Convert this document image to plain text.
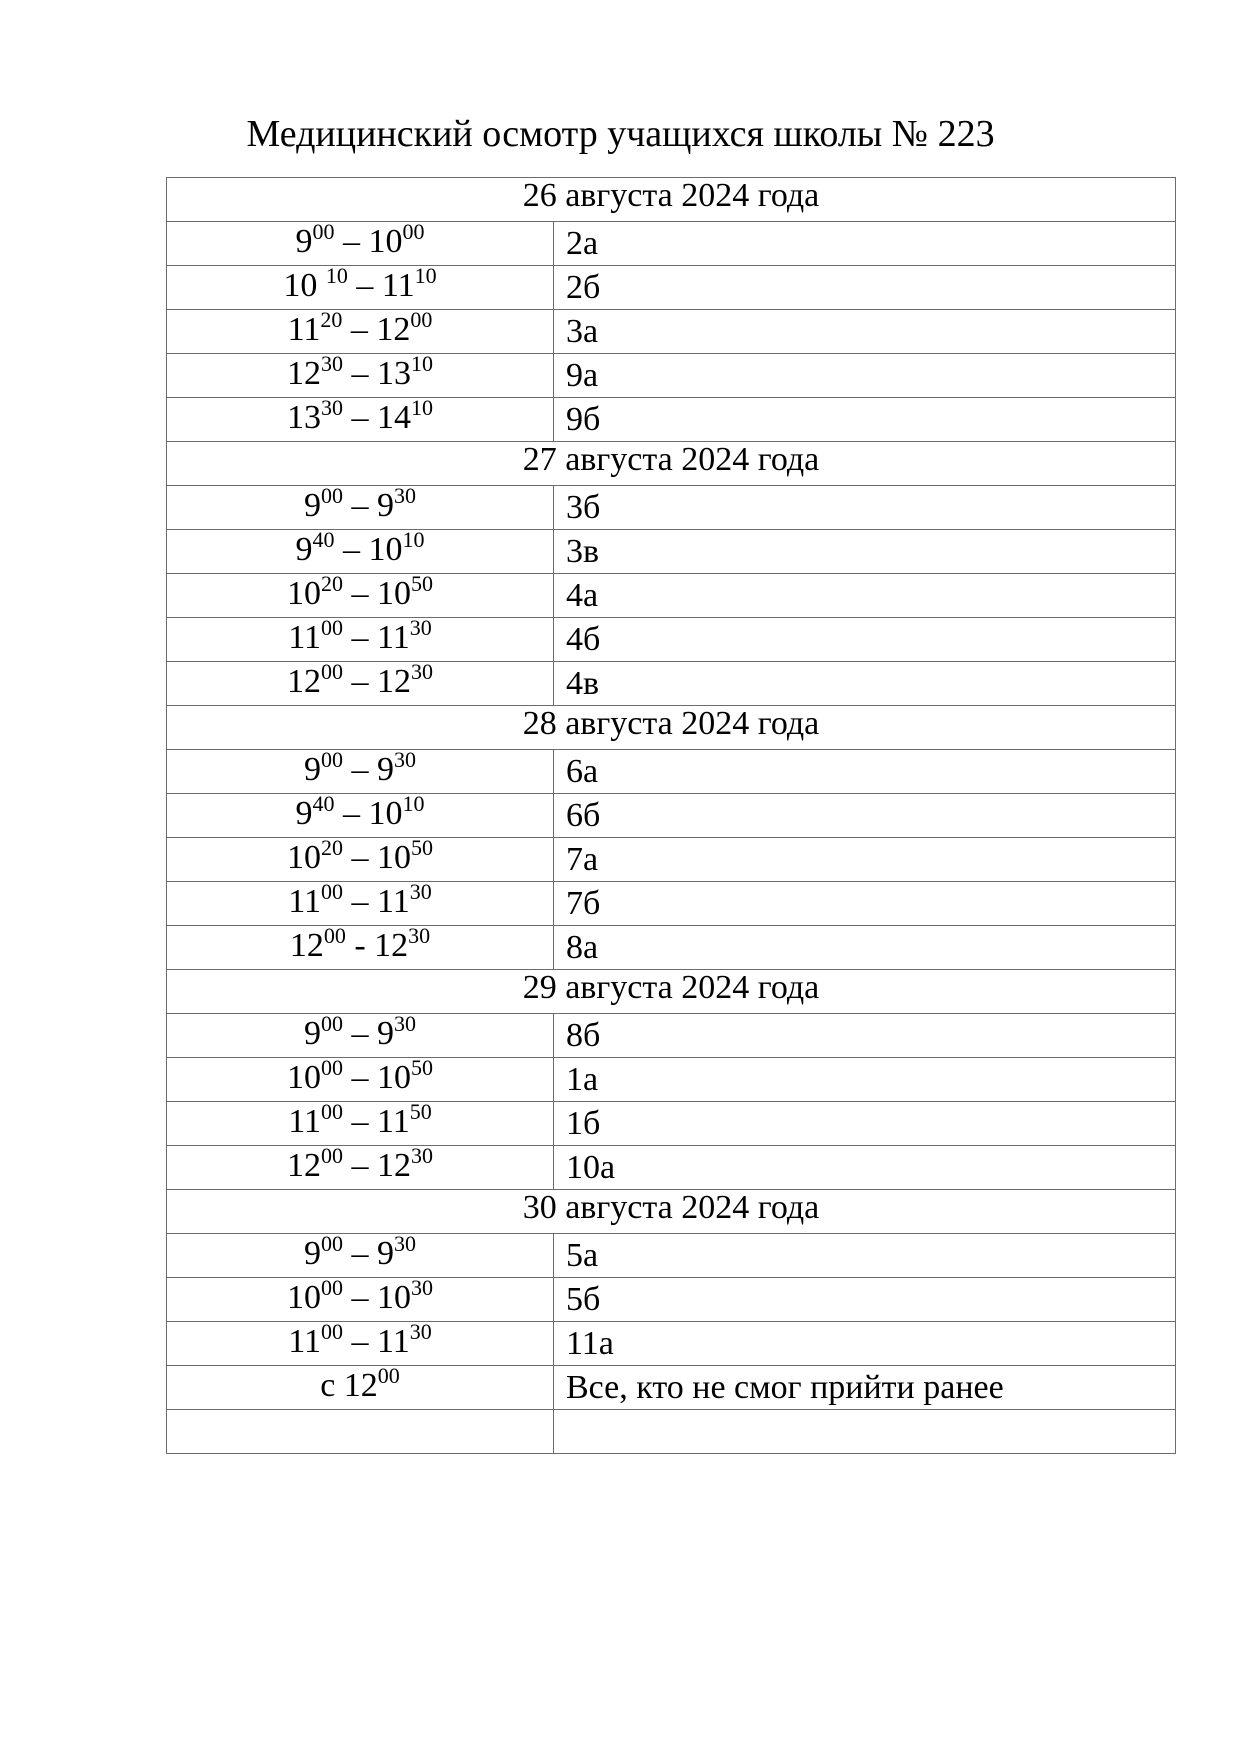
Медицинский осмотр учащихся школы № 223
26 августа 2024 года	
$9^{00} - 10^{00}$	2а
10 $^{10} - 11^{10}$	2б
$11^{20} - 12^{00}$	3а
$12^{30} - 13^{10}$	9а
$13^{30} - 14^{10}$	9б
27 августа 2024 года	
$9^{00} - 9^{30}$	3б
$9^{40} - 10^{10}$	3в
$10^{20} - 10^{50}$	4а
$11^{00} - 11^{30}$	4б
$12^{00} - 12^{30}$	4в
28 августа 2024 года	
$9^{00} - 9^{30}$	6а
$9^{40} - 10^{10}$	6б
$10^{20} - 10^{50}$	7а
$11^{00} - 11^{30}$	7б
$12^{00} - 12^{30}$	8а
29 августа 2024 года	
$9^{00} - 9^{30}$	8б
$10^{00} - 10^{50}$	1а
$11^{00} - 11^{50}$	1б
$12^{00} - 12^{30}$	10а
30 августа 2024 года	
$9^{00} - 9^{30}$	5а
$10^{00} - 10^{30}$	5б
$11^{00} - 11^{30}$	11а
с $12^{00}$	Все, кто не смог прийти ранее
